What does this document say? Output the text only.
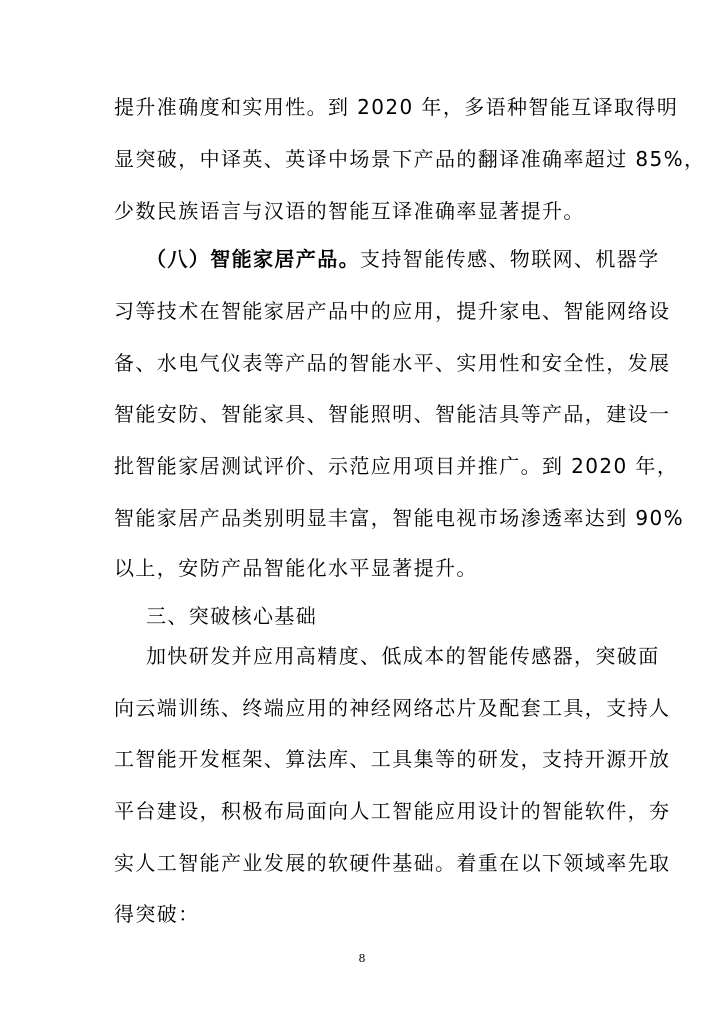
提升准确度和实用性。到 2020 年，多语种智能互译取得明
显突破，中译英、英译中场景下产品的翻译准确率超过 85%，
少数民族语言与汉语的智能互译准确率显著提升。
（八）智能家居产品。支持智能传感、物联网、机器学
习等技术在智能家居产品中的应用，提升家电、智能网络设
备、水电气仪表等产品的智能水平、实用性和安全性，发展
智能安防、智能家具、智能照明、智能洁具等产品，建设一
批智能家居测试评价、示范应用项目并推广。到 2020 年，
智能家居产品类别明显丰富，智能电视市场渗透率达到 90%
以上，安防产品智能化水平显著提升。
三、突破核心基础
加快研发并应用高精度、低成本的智能传感器，突破面
向云端训练、终端应用的神经网络芯片及配套工具，支持人
工智能开发框架、算法库、工具集等的研发，支持开源开放
平台建设，积极布局面向人工智能应用设计的智能软件，夯
实人工智能产业发展的软硬件基础。着重在以下领域率先取
得突破：
8
